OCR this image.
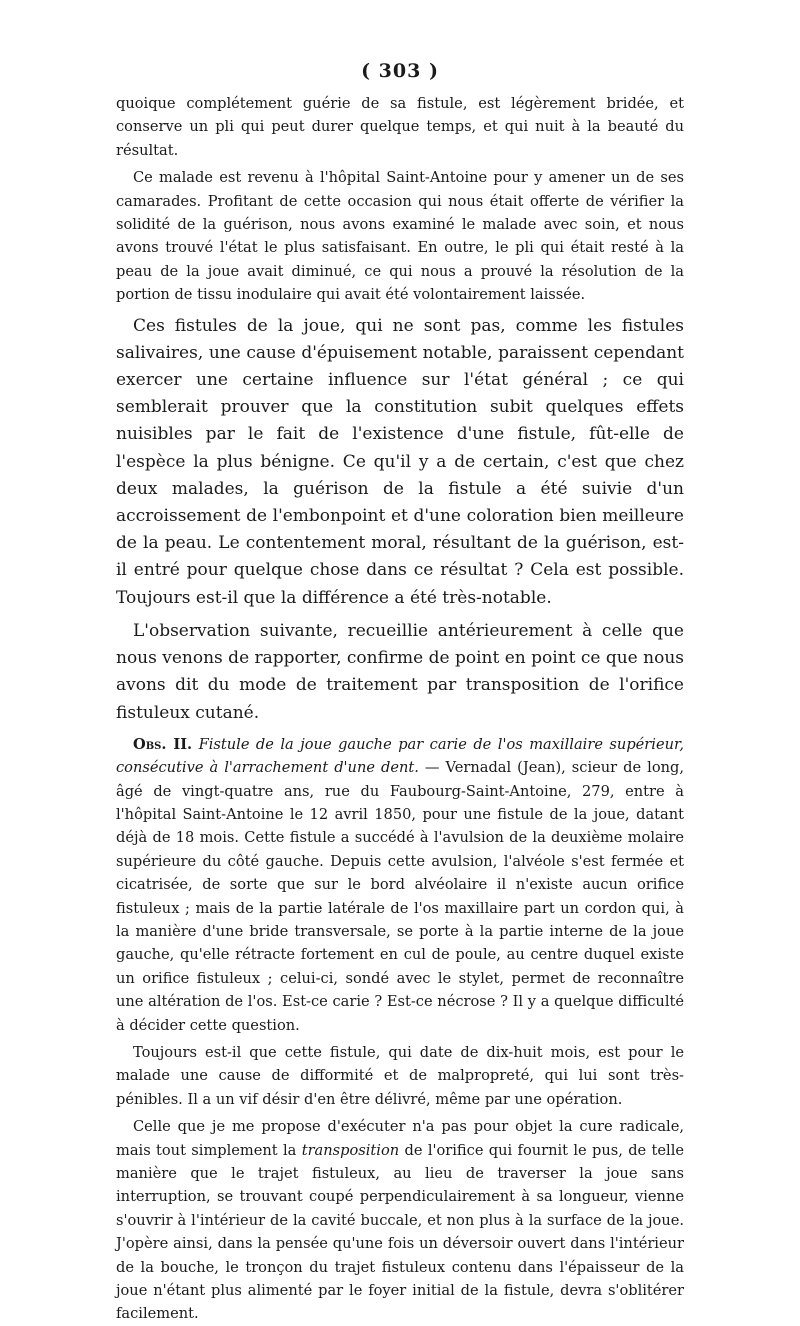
( 303 )

quoique complétement guérie de sa fistule, est légèrement bridée, et conserve un pli qui peut durer quelque temps, et qui nuit à la beauté du résultat.

Ce malade est revenu à l'hôpital Saint-Antoine pour y amener un de ses camarades. Profitant de cette occasion qui nous était offerte de vérifier la solidité de la guérison, nous avons examiné le malade avec soin, et nous avons trouvé l'état le plus satisfaisant. En outre, le pli qui était resté à la peau de la joue avait diminué, ce qui nous a prouvé la résolution de la portion de tissu inodulaire qui avait été volontairement laissée.

Ces fistules de la joue, qui ne sont pas, comme les fistules salivaires, une cause d'épuisement notable, paraissent cependant exercer une certaine influence sur l'état général ; ce qui semblerait prouver que la constitution subit quelques effets nuisibles par le fait de l'existence d'une fistule, fût-elle de l'espèce la plus bénigne. Ce qu'il y a de certain, c'est que chez deux malades, la guérison de la fistule a été suivie d'un accroissement de l'embonpoint et d'une coloration bien meilleure de la peau. Le contentement moral, résultant de la guérison, est-il entré pour quelque chose dans ce résultat ? Cela est possible. Toujours est-il que la différence a été très-notable.

L'observation suivante, recueillie antérieurement à celle que nous venons de rapporter, confirme de point en point ce que nous avons dit du mode de traitement par transposition de l'orifice fistuleux cutané.

Obs. II. Fistule de la joue gauche par carie de l'os maxillaire supérieur, consécutive à l'arrachement d'une dent. — Vernadal (Jean), scieur de long, âgé de vingt-quatre ans, rue du Faubourg-Saint-Antoine, 279, entre à l'hôpital Saint-Antoine le 12 avril 1850, pour une fistule de la joue, datant déjà de 18 mois. Cette fistule a succédé à l'avulsion de la deuxième molaire supérieure du côté gauche. Depuis cette avulsion, l'alvéole s'est fermée et cicatrisée, de sorte que sur le bord alvéolaire il n'existe aucun orifice fistuleux ; mais de la partie latérale de l'os maxillaire part un cordon qui, à la manière d'une bride transversale, se porte à la partie interne de la joue gauche, qu'elle rétracte fortement en cul de poule, au centre duquel existe un orifice fistuleux ; celui-ci, sondé avec le stylet, permet de reconnaître une altération de l'os. Est-ce carie ? Est-ce nécrose ? Il y a quelque difficulté à décider cette question.

Toujours est-il que cette fistule, qui date de dix-huit mois, est pour le malade une cause de difformité et de malpropreté, qui lui sont très-pénibles. Il a un vif désir d'en être délivré, même par une opération.

Celle que je me propose d'exécuter n'a pas pour objet la cure radicale, mais tout simplement la transposition de l'orifice qui fournit le pus, de telle manière que le trajet fistuleux, au lieu de traverser la joue sans interruption, se trouvant coupé perpendiculairement à sa longueur, vienne s'ouvrir à l'intérieur de la cavité buccale, et non plus à la surface de la joue. J'opère ainsi, dans la pensée qu'une fois un déversoir ouvert dans l'intérieur de la bouche, le tronçon du trajet fistuleux contenu dans l'épaisseur de la joue n'étant plus alimenté par le foyer initial de la fistule, devra s'oblitérer facilement.
